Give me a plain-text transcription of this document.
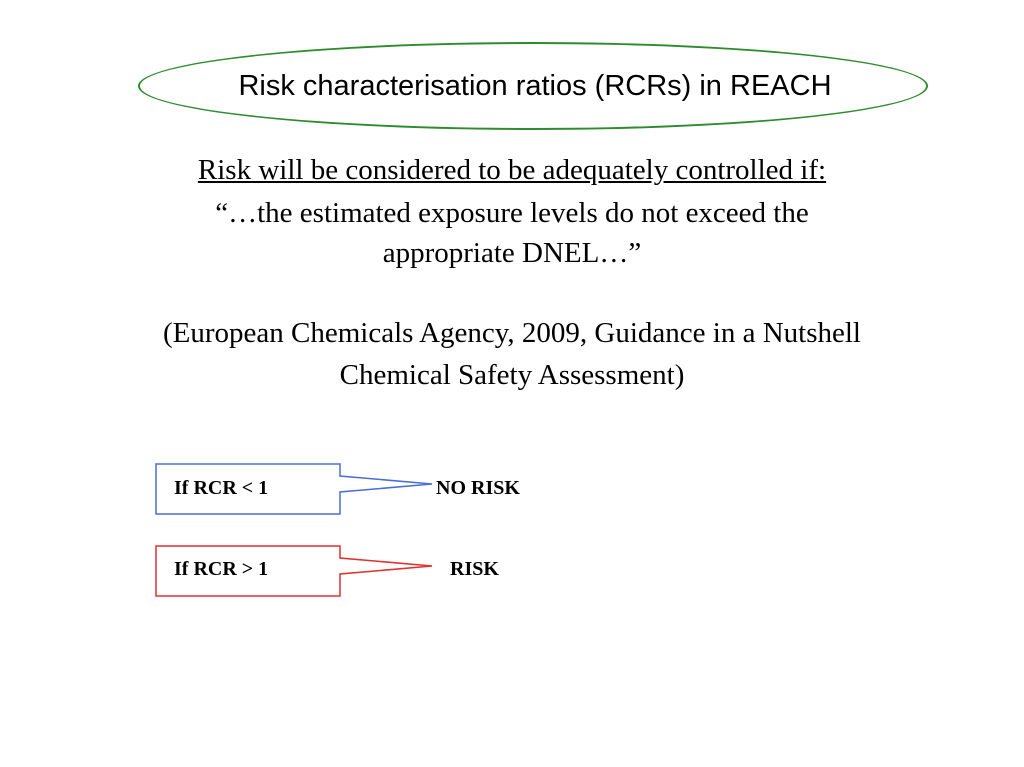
Risk characterisation ratios (RCRs) in REACH
Risk will be considered to be adequately controlled if:
“…the estimated exposure levels do not exceed the
appropriate DNEL…”
(European Chemicals Agency, 2009, Guidance in a Nutshell
Chemical Safety Assessment)
If RCR < 1	NO RISK
If RCR > 1	RISK
